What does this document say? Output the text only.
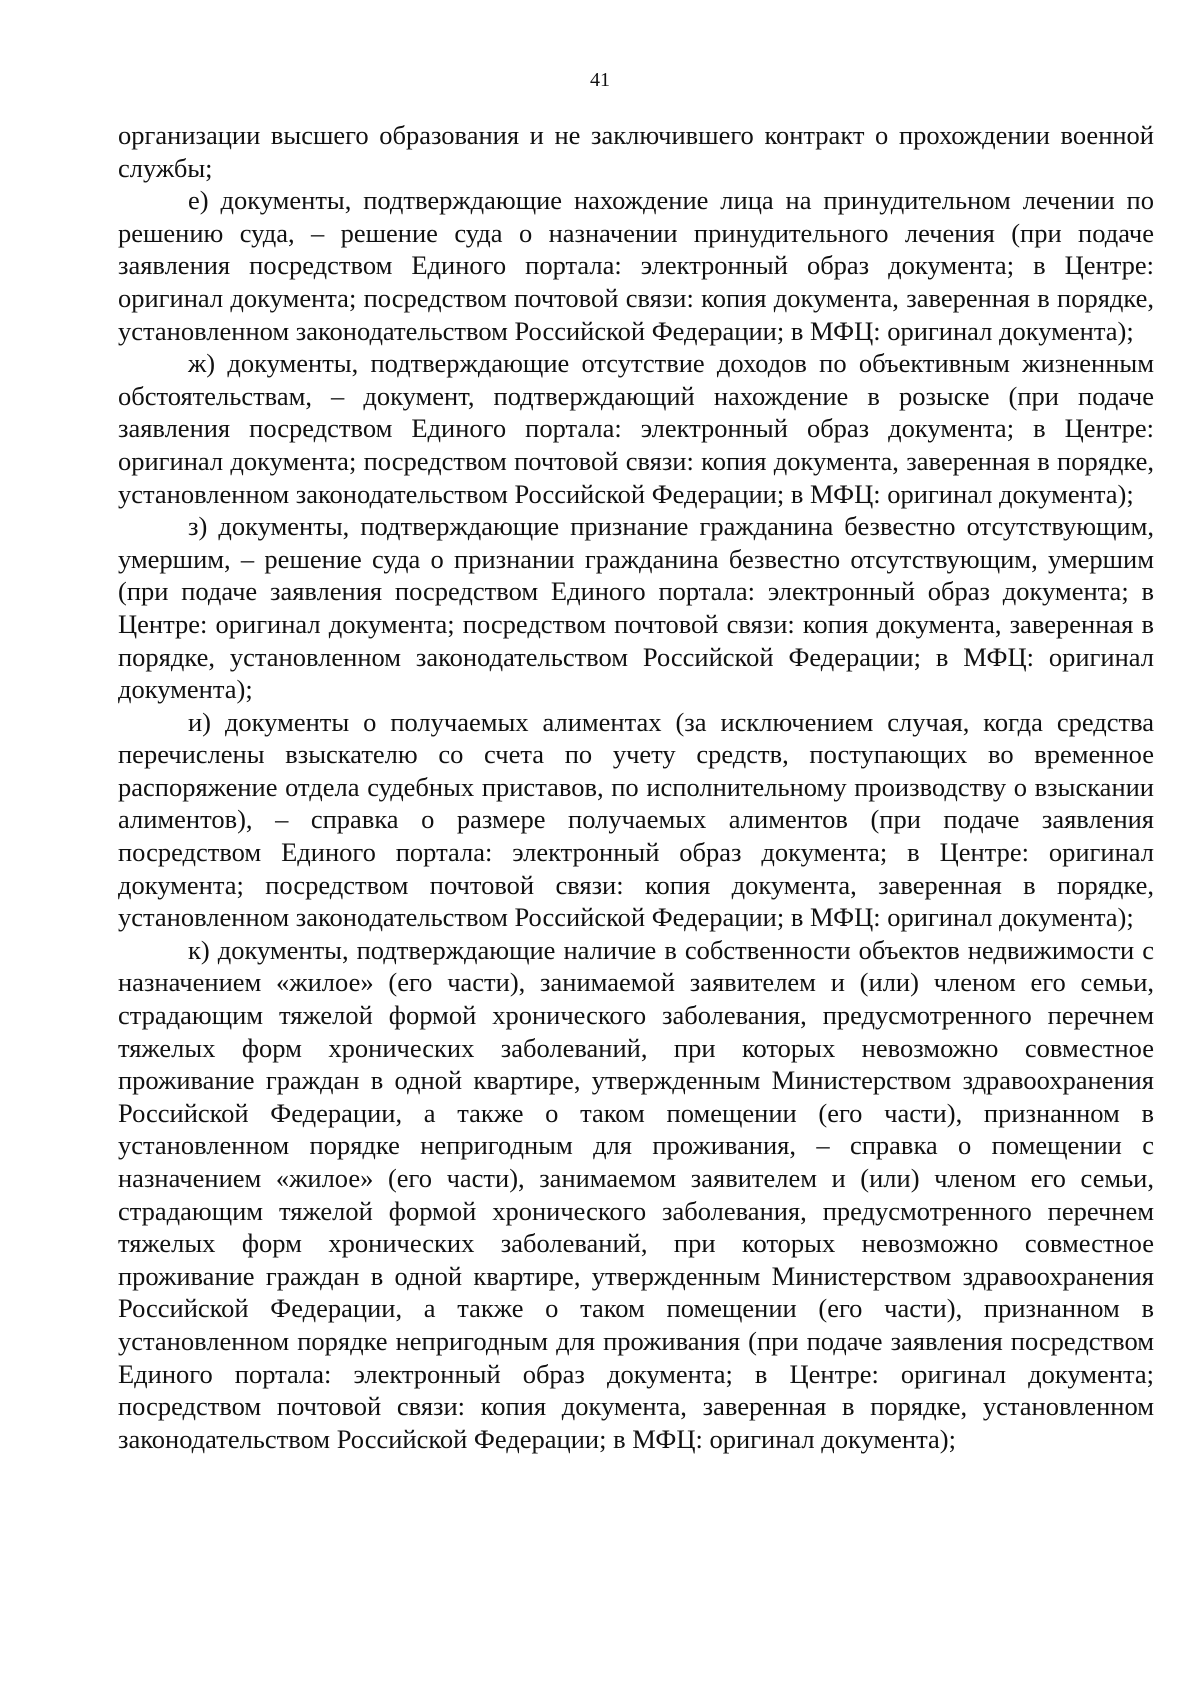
41

организации высшего образования и не заключившего контракт о прохождении военной службы;

е) документы, подтверждающие нахождение лица на принудительном лечении по решению суда, – решение суда о назначении принудительного лечения (при подаче заявления посредством Единого портала: электронный образ документа; в Центре: оригинал документа; посредством почтовой связи: копия документа, заверенная в порядке, установленном законодательством Российской Федерации; в МФЦ: оригинал документа);

ж) документы, подтверждающие отсутствие доходов по объективным жизненным обстоятельствам, – документ, подтверждающий нахождение в розыске (при подаче заявления посредством Единого портала: электронный образ документа; в Центре: оригинал документа; посредством почтовой связи: копия документа, заверенная в порядке, установленном законодательством Российской Федерации; в МФЦ: оригинал документа);

з) документы, подтверждающие признание гражданина безвестно отсутствующим, умершим, – решение суда о признании гражданина безвестно отсутствующим, умершим (при подаче заявления посредством Единого портала: электронный образ документа; в Центре: оригинал документа; посредством почтовой связи: копия документа, заверенная в порядке, установленном законодательством Российской Федерации; в МФЦ: оригинал документа);

и) документы о получаемых алиментах (за исключением случая, когда средства перечислены взыскателю со счета по учету средств, поступающих во временное распоряжение отдела судебных приставов, по исполнительному производству о взыскании алиментов), – справка о размере получаемых алиментов (при подаче заявления посредством Единого портала: электронный образ документа; в Центре: оригинал документа; посредством почтовой связи: копия документа, заверенная в порядке, установленном законодательством Российской Федерации; в МФЦ: оригинал документа);

к) документы, подтверждающие наличие в собственности объектов недвижимости с назначением «жилое» (его части), занимаемой заявителем и (или) членом его семьи, страдающим тяжелой формой хронического заболевания, предусмотренного перечнем тяжелых форм хронических заболеваний, при которых невозможно совместное проживание граждан в одной квартире, утвержденным Министерством здравоохранения Российской Федерации, а также о таком помещении (его части), признанном в установленном порядке непригодным для проживания, – справка о помещении с назначением «жилое» (его части), занимаемом заявителем и (или) членом его семьи, страдающим тяжелой формой хронического заболевания, предусмотренного перечнем тяжелых форм хронических заболеваний, при которых невозможно совместное проживание граждан в одной квартире, утвержденным Министерством здравоохранения Российской Федерации, а также о таком помещении (его части), признанном в установленном порядке непригодным для проживания (при подаче заявления посредством Единого портала: электронный образ документа; в Центре: оригинал документа; посредством почтовой связи: копия документа, заверенная в порядке, установленном законодательством Российской Федерации; в МФЦ: оригинал документа);
